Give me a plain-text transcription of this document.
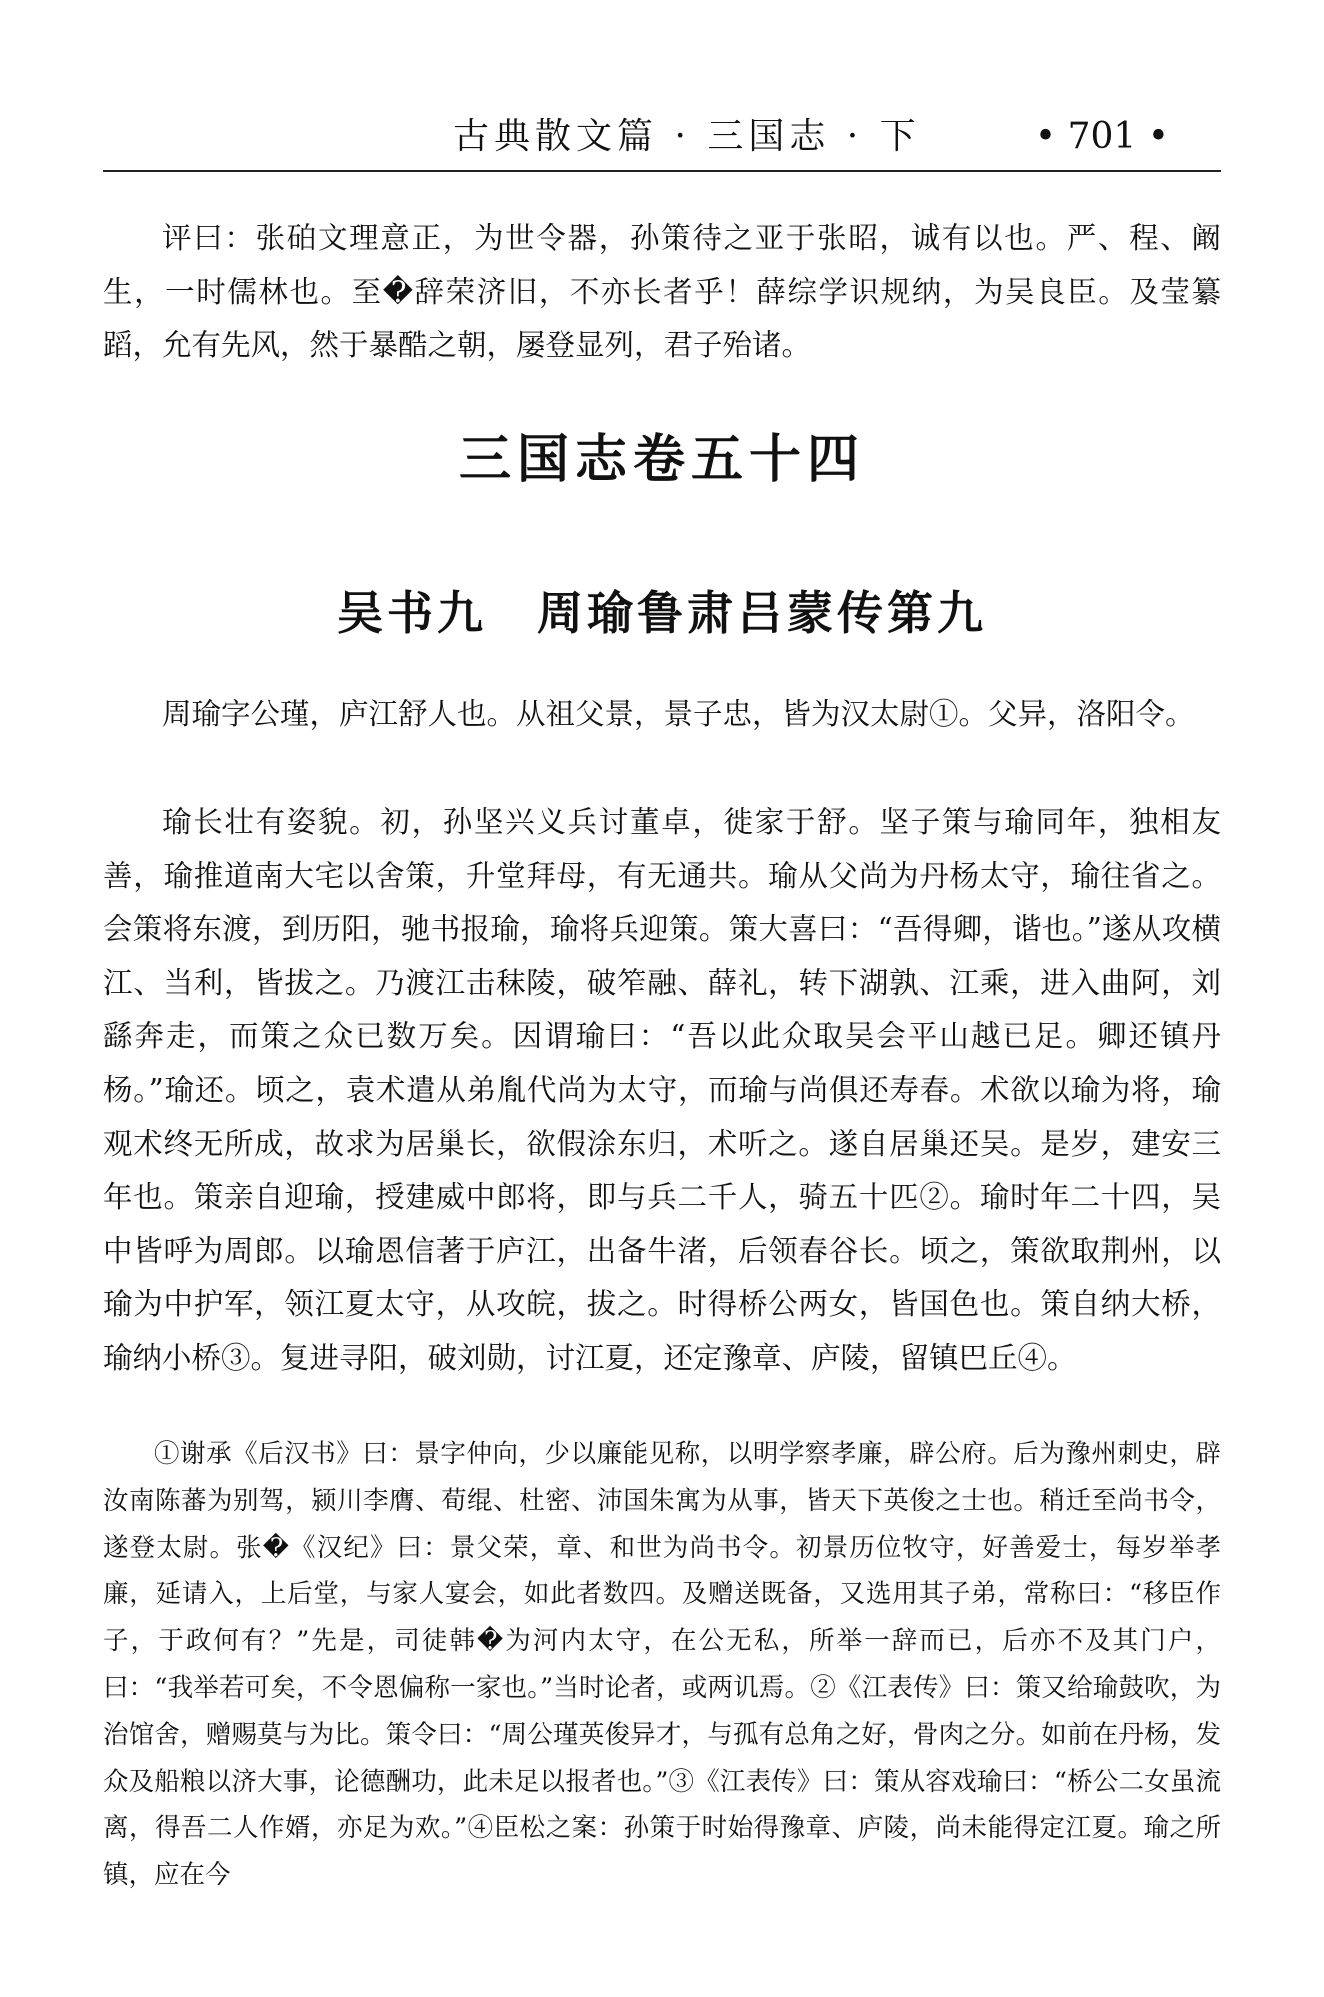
古典散文篇 · 三国志 · 下	• 701 •

评曰：张砶文理意正，为世令器，孙策待之亚于张昭，诚有以也。严、程、阚生，一时儒林也。至�辞荣济旧，不亦长者乎！薛综学识规纳，为吴良臣。及莹纂蹈，允有先风，然于暴酷之朝，屡登显列，君子殆诸。

三国志卷五十四
吴书九　周瑜鲁肃吕蒙传第九

周瑜字公瑾，庐江舒人也。从祖父景，景子忠，皆为汉太尉①。父异，洛阳令。

瑜长壮有姿貌。初，孙坚兴义兵讨董卓，徙家于舒。坚子策与瑜同年，独相友善，瑜推道南大宅以舍策，升堂拜母，有无通共。瑜从父尚为丹杨太守，瑜往省之。会策将东渡，到历阳，驰书报瑜，瑜将兵迎策。策大喜曰：“吾得卿，谐也。”遂从攻横江、当利，皆拔之。乃渡江击秣陵，破笮融、薛礼，转下湖孰、江乘，进入曲阿，刘繇奔走，而策之众已数万矣。因谓瑜曰：“吾以此众取吴会平山越已足。卿还镇丹杨。”瑜还。顷之，袁术遣从弟胤代尚为太守，而瑜与尚俱还寿春。术欲以瑜为将，瑜观术终无所成，故求为居巢长，欲假涂东归，术听之。遂自居巢还吴。是岁，建安三年也。策亲自迎瑜，授建威中郎将，即与兵二千人，骑五十匹②。瑜时年二十四，吴中皆呼为周郎。以瑜恩信著于庐江，出备牛渚，后领春谷长。顷之，策欲取荆州，以瑜为中护军，领江夏太守，从攻皖，拔之。时得桥公两女，皆国色也。策自纳大桥，瑜纳小桥③。复进寻阳，破刘勋，讨江夏，还定豫章、庐陵，留镇巴丘④。

①谢承《后汉书》曰：景字仲向，少以廉能见称，以明学察孝廉，辟公府。后为豫州刺史，辟汝南陈蕃为别驾，颍川李膺、荀绲、杜密、沛国朱寓为从事，皆天下英俊之士也。稍迁至尚书令，遂登太尉。张�《汉纪》曰：景父荣，章、和世为尚书令。初景历位牧守，好善爱士，每岁举孝廉，延请入，上后堂，与家人宴会，如此者数四。及赠送既备，又选用其子弟，常称曰：“移臣作子，于政何有？”先是，司徒韩�为河内太守，在公无私，所举一辞而已，后亦不及其门户，曰：“我举若可矣，不令恩偏称一家也。”当时论者，或两讥焉。②《江表传》曰：策又给瑜鼓吹，为治馆舍，赠赐莫与为比。策令曰：“周公瑾英俊异才，与孤有总角之好，骨肉之分。如前在丹杨，发众及船粮以济大事，论德酬功，此未足以报者也。”③《江表传》曰：策从容戏瑜曰：“桥公二女虽流离，得吾二人作婿，亦足为欢。”④臣松之案：孙策于时始得豫章、庐陵，尚未能得定江夏。瑜之所镇，应在今
